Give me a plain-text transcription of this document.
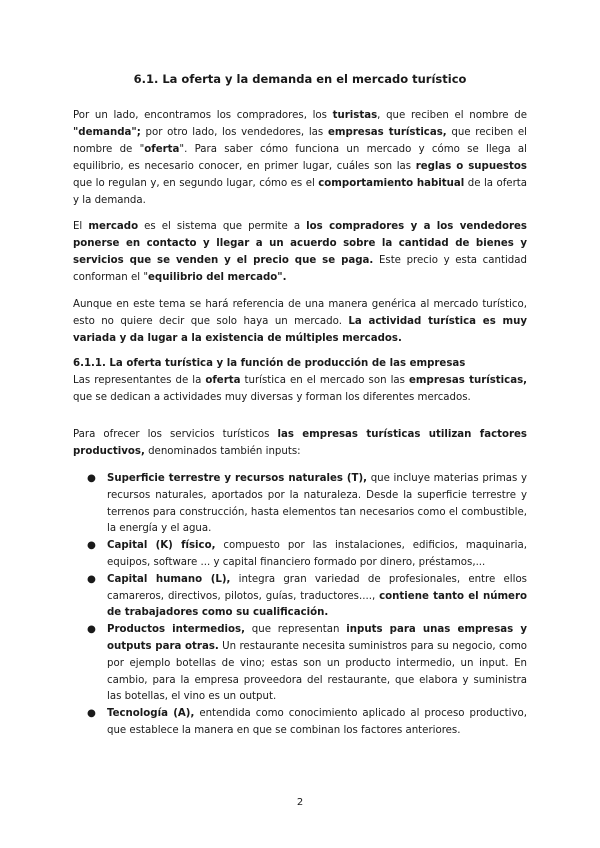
6.1. La oferta y la demanda en el mercado turístico

Por un lado, encontramos los compradores, los turistas, que reciben el nombre de "demanda"; por otro lado, los vendedores, las empresas turísticas, que reciben el nombre de "oferta". Para saber cómo funciona un mercado y cómo se llega al equilibrio, es necesario conocer, en primer lugar, cuáles son las reglas o supuestos que lo regulan y, en segundo lugar, cómo es el comportamiento habitual de la oferta y la demanda.

El mercado es el sistema que permite a los compradores y a los vendedores ponerse en contacto y llegar a un acuerdo sobre la cantidad de bienes y servicios que se venden y el precio que se paga. Este precio y esta cantidad conforman el "equilibrio del mercado".

Aunque en este tema se hará referencia de una manera genérica al mercado turístico, esto no quiere decir que solo haya un mercado. La actividad turística es muy variada y da lugar a la existencia de múltiples mercados.

6.1.1. La oferta turística y la función de producción de las empresas

Las representantes de la oferta turística en el mercado son las empresas turísticas, que se dedican a actividades muy diversas y forman los diferentes mercados.

Para ofrecer los servicios turísticos las empresas turísticas utilizan factores productivos, denominados también inputs:

● Superficie terrestre y recursos naturales (T), que incluye materias primas y recursos naturales, aportados por la naturaleza. Desde la superficie terrestre y terrenos para construcción, hasta elementos tan necesarios como el combustible, la energía y el agua.
● Capital (K) físico, compuesto por las instalaciones, edificios, maquinaria, equipos, software ... y capital financiero formado por dinero, préstamos,...
● Capital humano (L), integra gran variedad de profesionales, entre ellos camareros, directivos, pilotos, guías, traductores...., contiene tanto el número de trabajadores como su cualificación.
● Productos intermedios, que representan inputs para unas empresas y outputs para otras. Un restaurante necesita suministros para su negocio, como por ejemplo botellas de vino; estas son un producto intermedio, un input. En cambio, para la empresa proveedora del restaurante, que elabora y suministra las botellas, el vino es un output.
● Tecnología (A), entendida como conocimiento aplicado al proceso productivo, que establece la manera en que se combinan los factores anteriores.
2
